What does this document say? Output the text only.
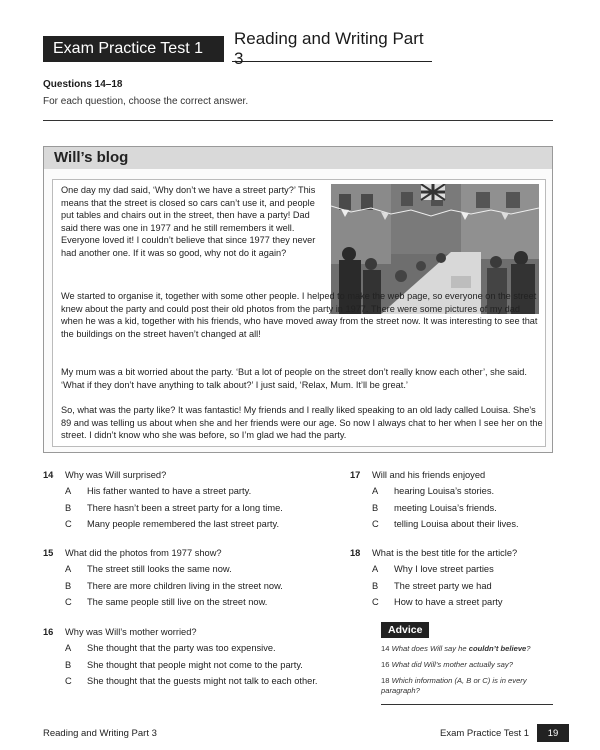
Exam Practice Test 1
Reading and Writing Part 3
Questions 14–18
For each question, choose the correct answer.
Will’s blog

One day my dad said, ‘Why don’t we have a street party?’ This means that the street is closed so cars can’t use it, and people put tables and chairs out in the street, then have a party! Dad said there was one in 1977 and he still remembers it well. Everyone loved it! I couldn’t believe that since 1977 they never had another one. If it was so good, why not do it again?

We started to organise it, together with some other people. I helped to make the web page, so everyone on the street knew about the party and could post their old photos from the party in 1977. There were some pictures of my dad when he was a kid, together with his friends, who have moved away from the street now. It was interesting to see that the buildings on the street haven’t changed at all!

My mum was a bit worried about the party. ‘But a lot of people on the street don’t really know each other’, she said. ‘What if they don’t have anything to talk about?’ I just said, ‘Relax, Mum. It’ll be great.’

So, what was the party like? It was fantastic! My friends and I really liked speaking to an old lady called Louisa. She’s 89 and was telling us about when she and her friends were our age. So now I always chat to her when I see her on the street. I didn’t know who she was before, so I’m glad we had the party.

14	Why was Will surprised?
A	His father wanted to have a street party.
B	There hasn’t been a street party for a long time.
C	Many people remembered the last street party.
15	What did the photos from 1977 show?
A	The street still looks the same now.
B	There are more children living in the street now.
C	The same people still live on the street now.
16	Why was Will’s mother worried?
A	She thought that the party was too expensive.
B	She thought that people might not come to the party.
C	She thought that the guests might not talk to each other.
17	Will and his friends enjoyed
A	hearing Louisa’s stories.
B	meeting Louisa’s friends.
C	telling Louisa about their lives.
18	What is the best title for the article?
A	Why I love street parties
B	The street party we had
C	How to have a street party
Advice
14 What does Will say he couldn’t believe?
16 What did Will’s mother actually say?
18 Which information (A, B or C) is in every paragraph?
Reading and Writing Part 3	Exam Practice Test 1	19
